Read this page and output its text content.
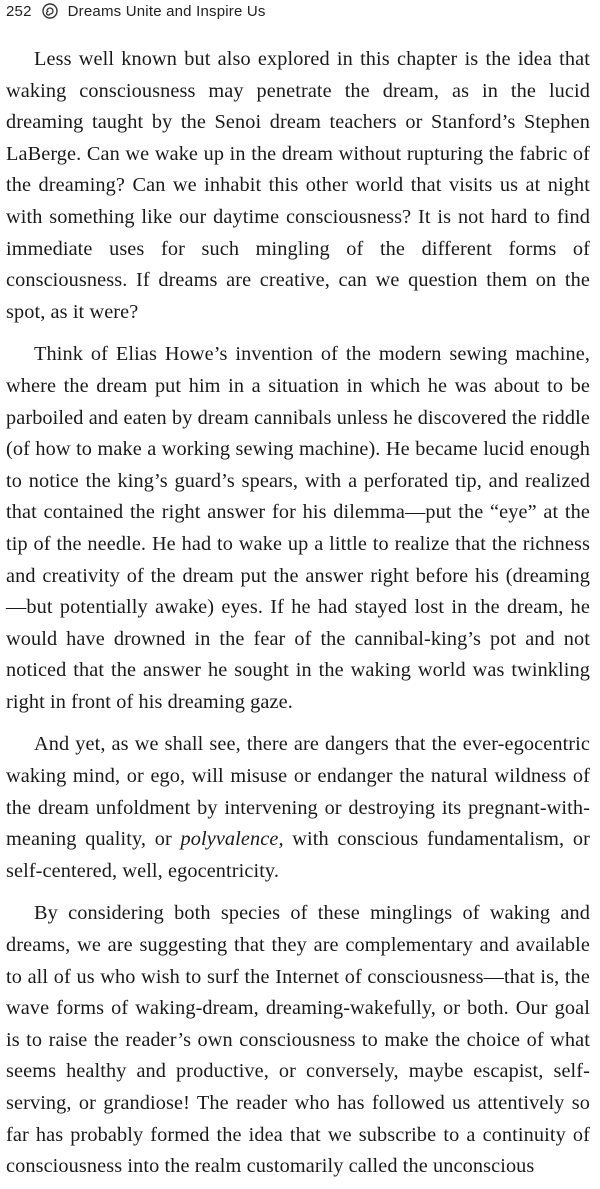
252 Dreams Unite and Inspire Us

Less well known but also explored in this chapter is the idea that waking consciousness may penetrate the dream, as in the lucid dreaming taught by the Senoi dream teachers or Stanford’s Stephen LaBerge. Can we wake up in the dream without rupturing the fabric of the dreaming? Can we inhabit this other world that visits us at night with something like our daytime consciousness? It is not hard to find immediate uses for such mingling of the different forms of consciousness. If dreams are creative, can we question them on the spot, as it were?

Think of Elias Howe’s invention of the modern sewing machine, where the dream put him in a situation in which he was about to be parboiled and eaten by dream cannibals unless he discovered the riddle (of how to make a working sewing machine). He became lucid enough to notice the king’s guard’s spears, with a perforated tip, and realized that contained the right answer for his dilemma—put the “eye” at the tip of the needle. He had to wake up a little to realize that the richness and creativity of the dream put the answer right before his (dreaming—but potentially awake) eyes. If he had stayed lost in the dream, he would have drowned in the fear of the cannibal-king’s pot and not noticed that the answer he sought in the waking world was twinkling right in front of his dreaming gaze.

And yet, as we shall see, there are dangers that the ever-egocentric waking mind, or ego, will misuse or endanger the natural wildness of the dream unfoldment by intervening or destroying its pregnant-with-meaning quality, or polyvalence, with conscious fundamentalism, or self-centered, well, egocentricity.

By considering both species of these minglings of waking and dreams, we are suggesting that they are complementary and available to all of us who wish to surf the Internet of consciousness—that is, the wave forms of waking-dream, dreaming-wakefully, or both. Our goal is to raise the reader’s own consciousness to make the choice of what seems healthy and productive, or conversely, maybe escapist, self-serving, or grandiose! The reader who has followed us attentively so far has probably formed the idea that we subscribe to a continuity of consciousness into the realm customarily called the unconscious
